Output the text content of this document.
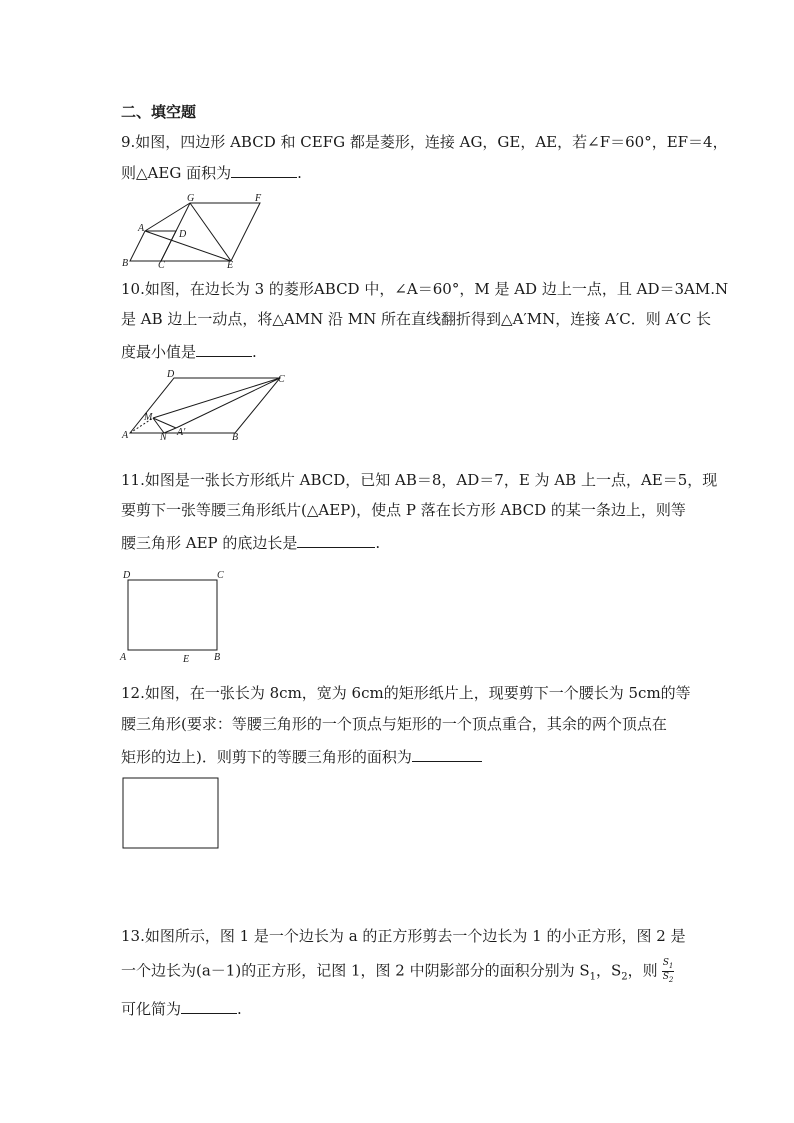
二、填空题
9.如图，四边形 ABCD 和 CEFG 都是菱形，连接 AG，GE，AE，若∠F＝60°，EF＝4，
则△AEG 面积为	.
G	F
A
D
B	C	E
10.如图，在边长为 3 的菱形ABCD 中，∠A＝60°，M 是 AD 边上一点，且 AD＝3AM.N
是 AB 边上一动点，将△AMN 沿 MN 所在直线翻折得到△A′MN，连接 A′C．则 A′C 长
度最小值是	.
D	C
M
A′
A	N	B
11.如图是一张长方形纸片 ABCD，已知 AB＝8，AD＝7，E 为 AB 上一点，AE＝5，现
要剪下一张等腰三角形纸片(△AEP)，使点 P 落在长方形 ABCD 的某一条边上，则等
腰三角形 AEP 的底边长是	.
D	C
A	E B
12.如图，在一张长为 8cm，宽为 6cm的矩形纸片上，现要剪下一个腰长为 5cm的等
腰三角形(要求：等腰三角形的一个顶点与矩形的一个顶点重合，其余的两个顶点在
矩形的边上)．则剪下的等腰三角形的面积为
13.如图所示，图 1 是一个边长为 a 的正方形剪去一个边长为 1 的小正方形，图 2 是
一个边长为(a－1)的正方形，记图 1，图 2 中阴影部分的面积分别为 $S_1$，$S_2$，则 $\frac{S_1}{S_2}$
可化简为	.
